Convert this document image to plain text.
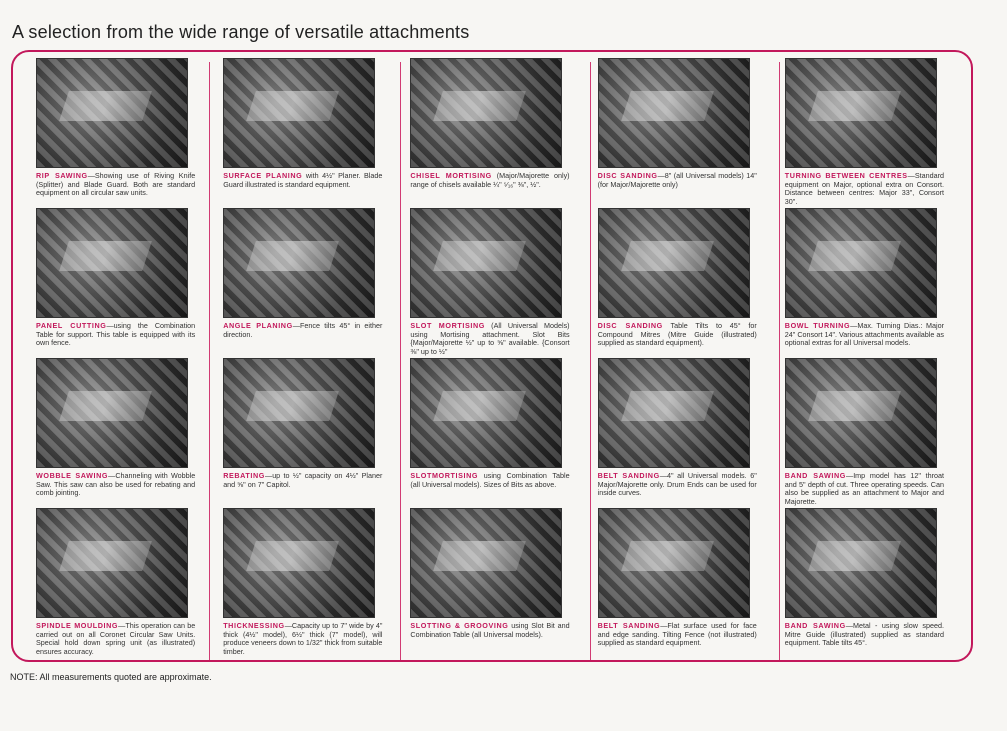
A selection from the wide range of versatile attachments
RIP SAWING—Showing use of Riving Knife (Splitter) and Blade Guard. Both are standard equipment on all circular saw units.
SURFACE PLANING with 4½" Planer. Blade Guard illustrated is standard equipment.
CHISEL MORTISING (Major/Majorette only) range of chisels available ¼" ⁵⁄₁₆" ⅜", ½".
DISC SANDING—8" (all Universal models) 14" (for Major/Majorette only)
TURNING BETWEEN CENTRES—Standard equipment on Major, optional extra on Consort. Distance between centres: Major 33", Consort 30".
PANEL CUTTING—using the Combination Table for support. This table is equipped with its own fence.
ANGLE PLANING—Fence tilts 45° in either direction.
SLOT MORTISING (All Universal Models) using Mortising attachment. Slot Bits {Major/Majorette ½" up to ⅝" available. {Consort ⅜" up to ½"
DISC SANDING Table Tilts to 45° for Compound Mitres (Mitre Guide (illustrated) supplied as standard equipment).
BOWL TURNING—Max. Turning Dias.: Major 24" Consort 14". Various attachments available as optional extras for all Universal models.
WOBBLE SAWING—Channeling with Wobble Saw. This saw can also be used for rebating and comb jointing.
REBATING—up to ½" capacity on 4½" Planer and ⅝" on 7" Capitol.
SLOTMORTISING using Combination Table (all Universal models). Sizes of Bits as above.
BELT SANDING—4" all Universal models. 6" Major/Majorette only. Drum Ends can be used for inside curves.
BAND SAWING—Imp model has 12" throat and 5" depth of cut. Three operating speeds. Can also be supplied as an attachment to Major and Majorette.
SPINDLE MOULDING—This operation can be carried out on all Coronet Circular Saw Units. Special hold down spring unit (as illustrated) ensures accuracy.
THICKNESSING—Capacity up to 7" wide by 4" thick (4½" model), 6½" thick (7" model), will produce veneers down to 1/32" thick from suitable timber.
SLOTTING & GROOVING using Slot Bit and Combination Table (all Universal models).
BELT SANDING—Flat surface used for face and edge sanding. Tilting Fence (not illustrated) supplied as standard equipment.
BAND SAWING—Metal - using slow speed. Mitre Guide (illustrated) supplied as standard equipment. Table tilts 45°.
NOTE: All measurements quoted are approximate.
